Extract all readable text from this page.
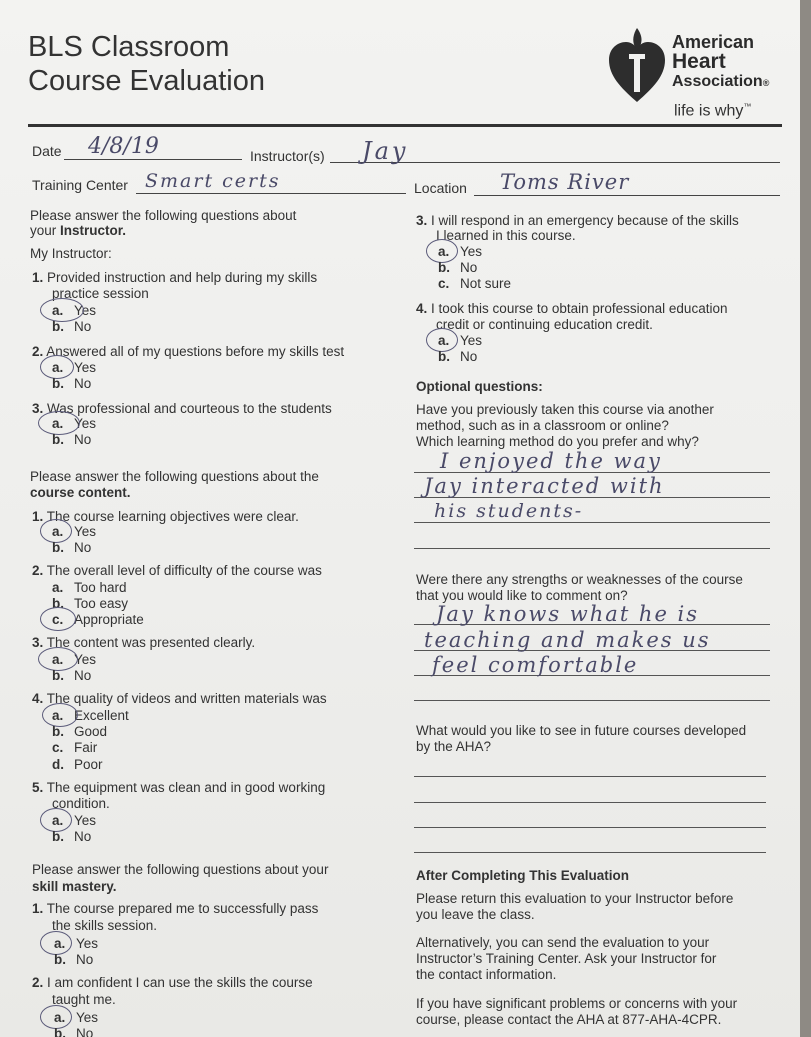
BLS Classroom
Course Evaluation
American
Heart
Association®
life is why™
Date 4/8/19	Instructor(s) Jay
Training Center Smart certs	Location Toms River
Please answer the following questions about
your Instructor.
My Instructor:
1. Provided instruction and help during my skills
practice session
a. Yes
b. No
2. Answered all of my questions before my skills test
a. Yes
b. No
3. Was professional and courteous to the students
a. Yes
b. No
Please answer the following questions about the
course content.
1. The course learning objectives were clear.
a. Yes
b. No
2. The overall level of difficulty of the course was
a. Too hard
b. Too easy
c. Appropriate
3. The content was presented clearly.
a. Yes
b. No
4. The quality of videos and written materials was
a. Excellent
b. Good
c. Fair
d. Poor
5. The equipment was clean and in good working
condition.
a. Yes
b. No
Please answer the following questions about your
skill mastery.
1. The course prepared me to successfully pass
the skills session.
a. Yes
b. No
2. I am confident I can use the skills the course
taught me.
a. Yes
b. No
3. I will respond in an emergency because of the skills
I learned in this course.
a. Yes
b. No
c. Not sure
4. I took this course to obtain professional education
credit or continuing education credit.
a. Yes
b. No
Optional questions:
Have you previously taken this course via another
method, such as in a classroom or online?
Which learning method do you prefer and why?
I enjoyed the way
Jay interacted with
his students-
Were there any strengths or weaknesses of the course
that you would like to comment on?
Jay knows what he is
teaching and makes us
feel comfortable
What would you like to see in future courses developed
by the AHA?
After Completing This Evaluation
Please return this evaluation to your Instructor before
you leave the class.
Alternatively, you can send the evaluation to your
Instructor’s Training Center. Ask your Instructor for
the contact information.
If you have significant problems or concerns with your
course, please contact the AHA at 877-AHA-4CPR.
